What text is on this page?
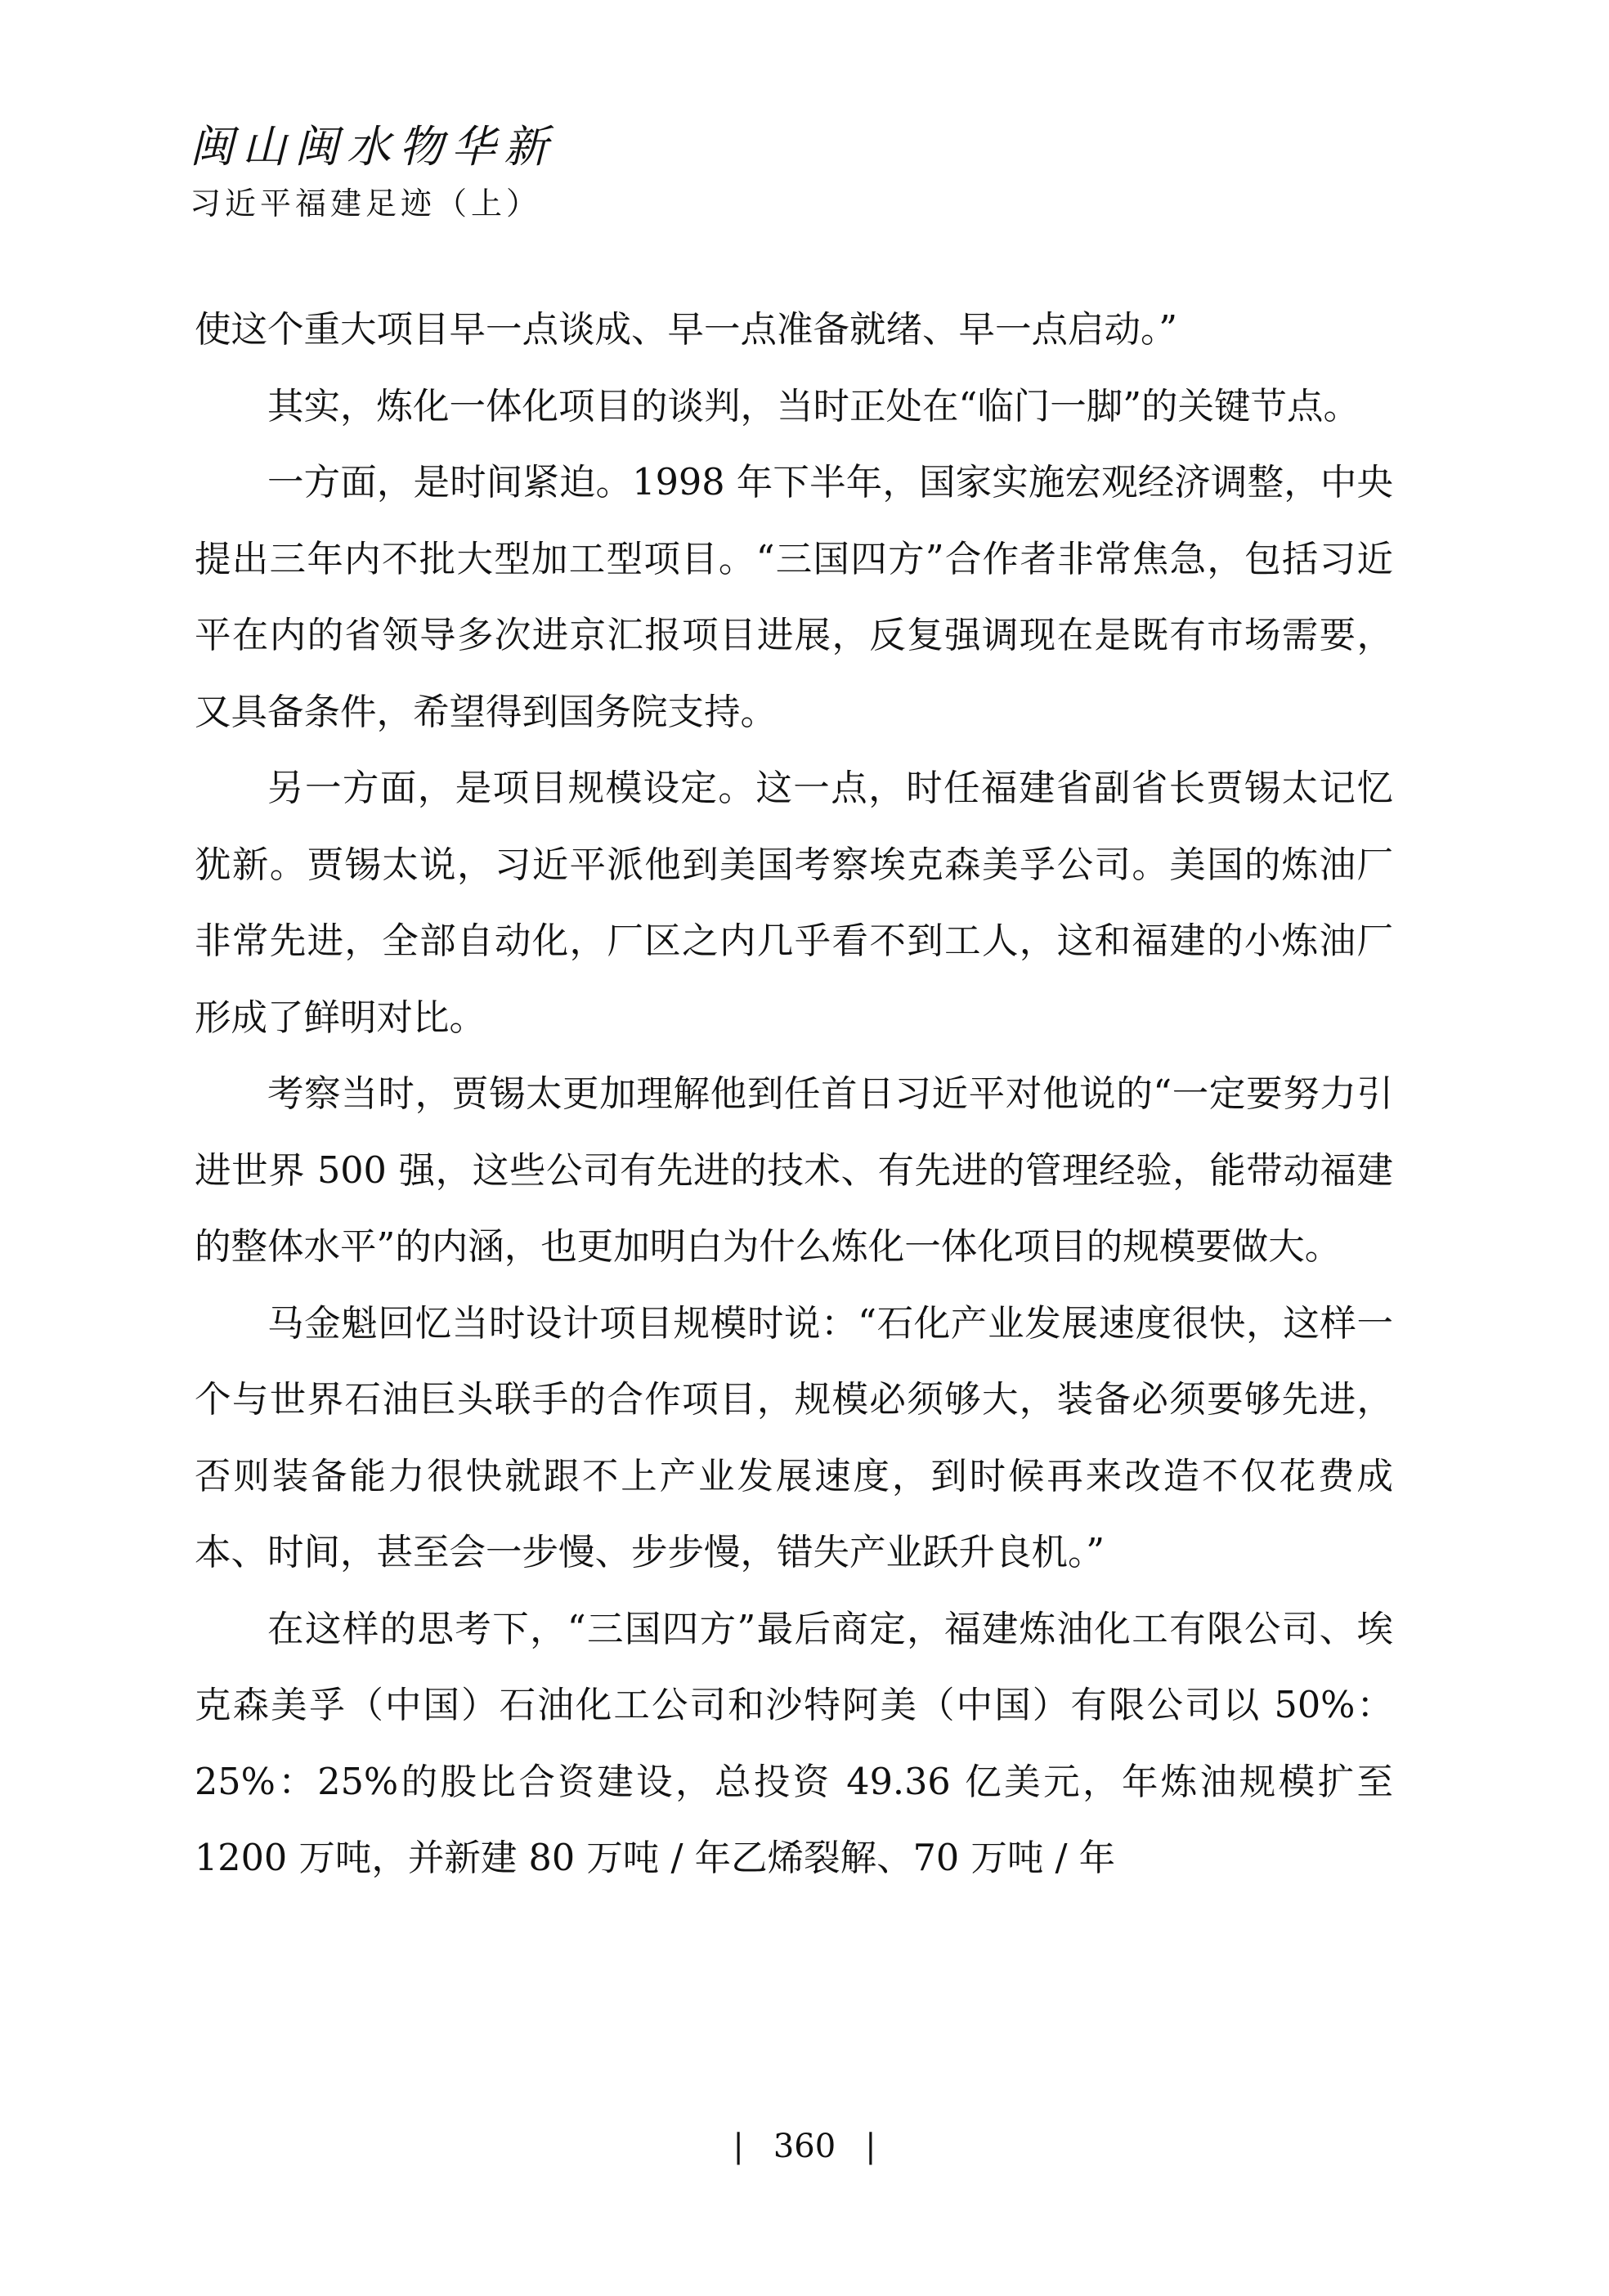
闽山闽水物华新
习近平福建足迹（上）

使这个重大项目早一点谈成、早一点准备就绪、早一点启动。”

其实，炼化一体化项目的谈判，当时正处在“临门一脚”的关键节点。

一方面，是时间紧迫。1998 年下半年，国家实施宏观经济调整，中央提出三年内不批大型加工型项目。“三国四方”合作者非常焦急，包括习近平在内的省领导多次进京汇报项目进展，反复强调现在是既有市场需要，又具备条件，希望得到国务院支持。

另一方面，是项目规模设定。这一点，时任福建省副省长贾锡太记忆犹新。贾锡太说，习近平派他到美国考察埃克森美孚公司。美国的炼油厂非常先进，全部自动化，厂区之内几乎看不到工人，这和福建的小炼油厂形成了鲜明对比。

考察当时，贾锡太更加理解他到任首日习近平对他说的“一定要努力引进世界 500 强，这些公司有先进的技术、有先进的管理经验，能带动福建的整体水平”的内涵，也更加明白为什么炼化一体化项目的规模要做大。

马金魁回忆当时设计项目规模时说：“石化产业发展速度很快，这样一个与世界石油巨头联手的合作项目，规模必须够大，装备必须要够先进，否则装备能力很快就跟不上产业发展速度，到时候再来改造不仅花费成本、时间，甚至会一步慢、步步慢，错失产业跃升良机。”

在这样的思考下，“三国四方”最后商定，福建炼油化工有限公司、埃克森美孚（中国）石油化工公司和沙特阿美（中国）有限公司以 50%：25%：25%的股比合资建设，总投资 49.36 亿美元，年炼油规模扩至 1200 万吨，并新建 80 万吨 / 年乙烯裂解、70 万吨 / 年

| 360 |
